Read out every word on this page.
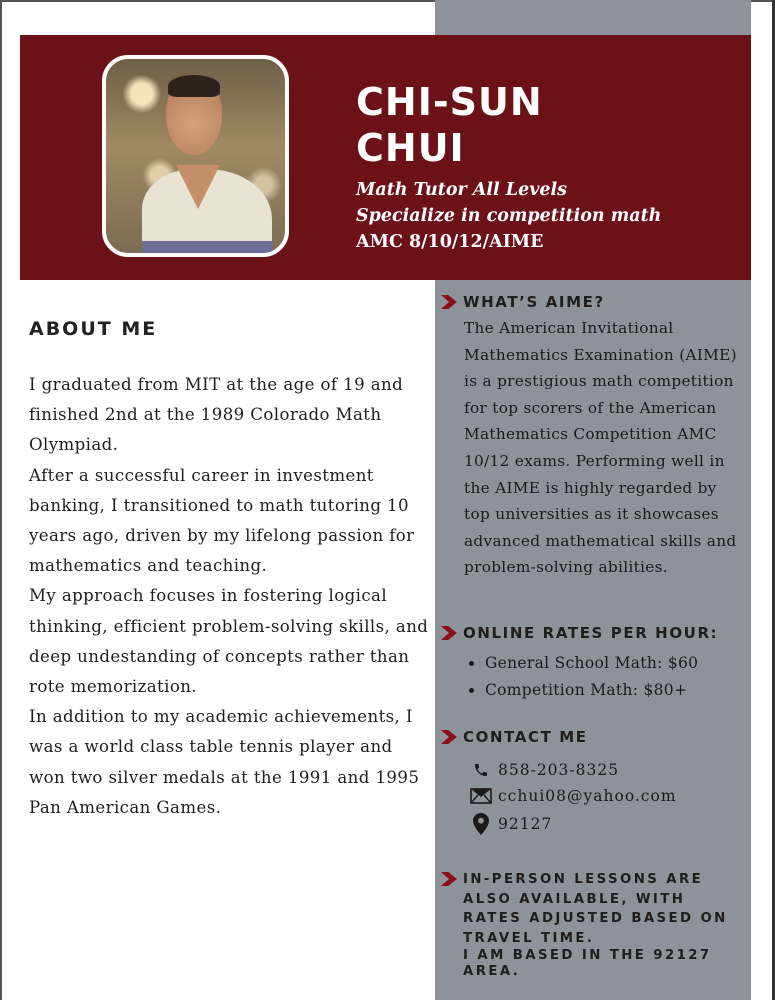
CHI-SUN
CHUI
Math Tutor All Levels
Specialize in competition math
AMC 8/10/12/AIME
ABOUT ME

I graduated from MIT at the age of 19 and finished 2nd at the 1989 Colorado Math Olympiad.

After a successful career in investment banking, I transitioned to math tutoring 10 years ago, driven by my lifelong passion for mathematics and teaching.

My approach focuses in fostering logical thinking, efficient problem-solving skills, and deep undestanding of concepts rather than rote memorization.

In addition to my academic achievements, I was a world class table tennis player and won two silver medals at the 1991 and 1995 Pan American Games.

WHAT’S AIME?

The American Invitational Mathematics Examination (AIME) is a prestigious math competition for top scorers of the American Mathematics Competition AMC 10/12 exams. Performing well in the AIME is highly regarded by top universities as it showcases advanced mathematical skills and problem-solving abilities.

ONLINE RATES PER HOUR:
General School Math: $60
Competition Math: $80+
CONTACT ME
858-203-8325
cchui08@yahoo.com
92127

IN-PERSON LESSONS ARE ALSO AVAILABLE, WITH RATES ADJUSTED BASED ON TRAVEL TIME.

I AM BASED IN THE 92127 AREA.
